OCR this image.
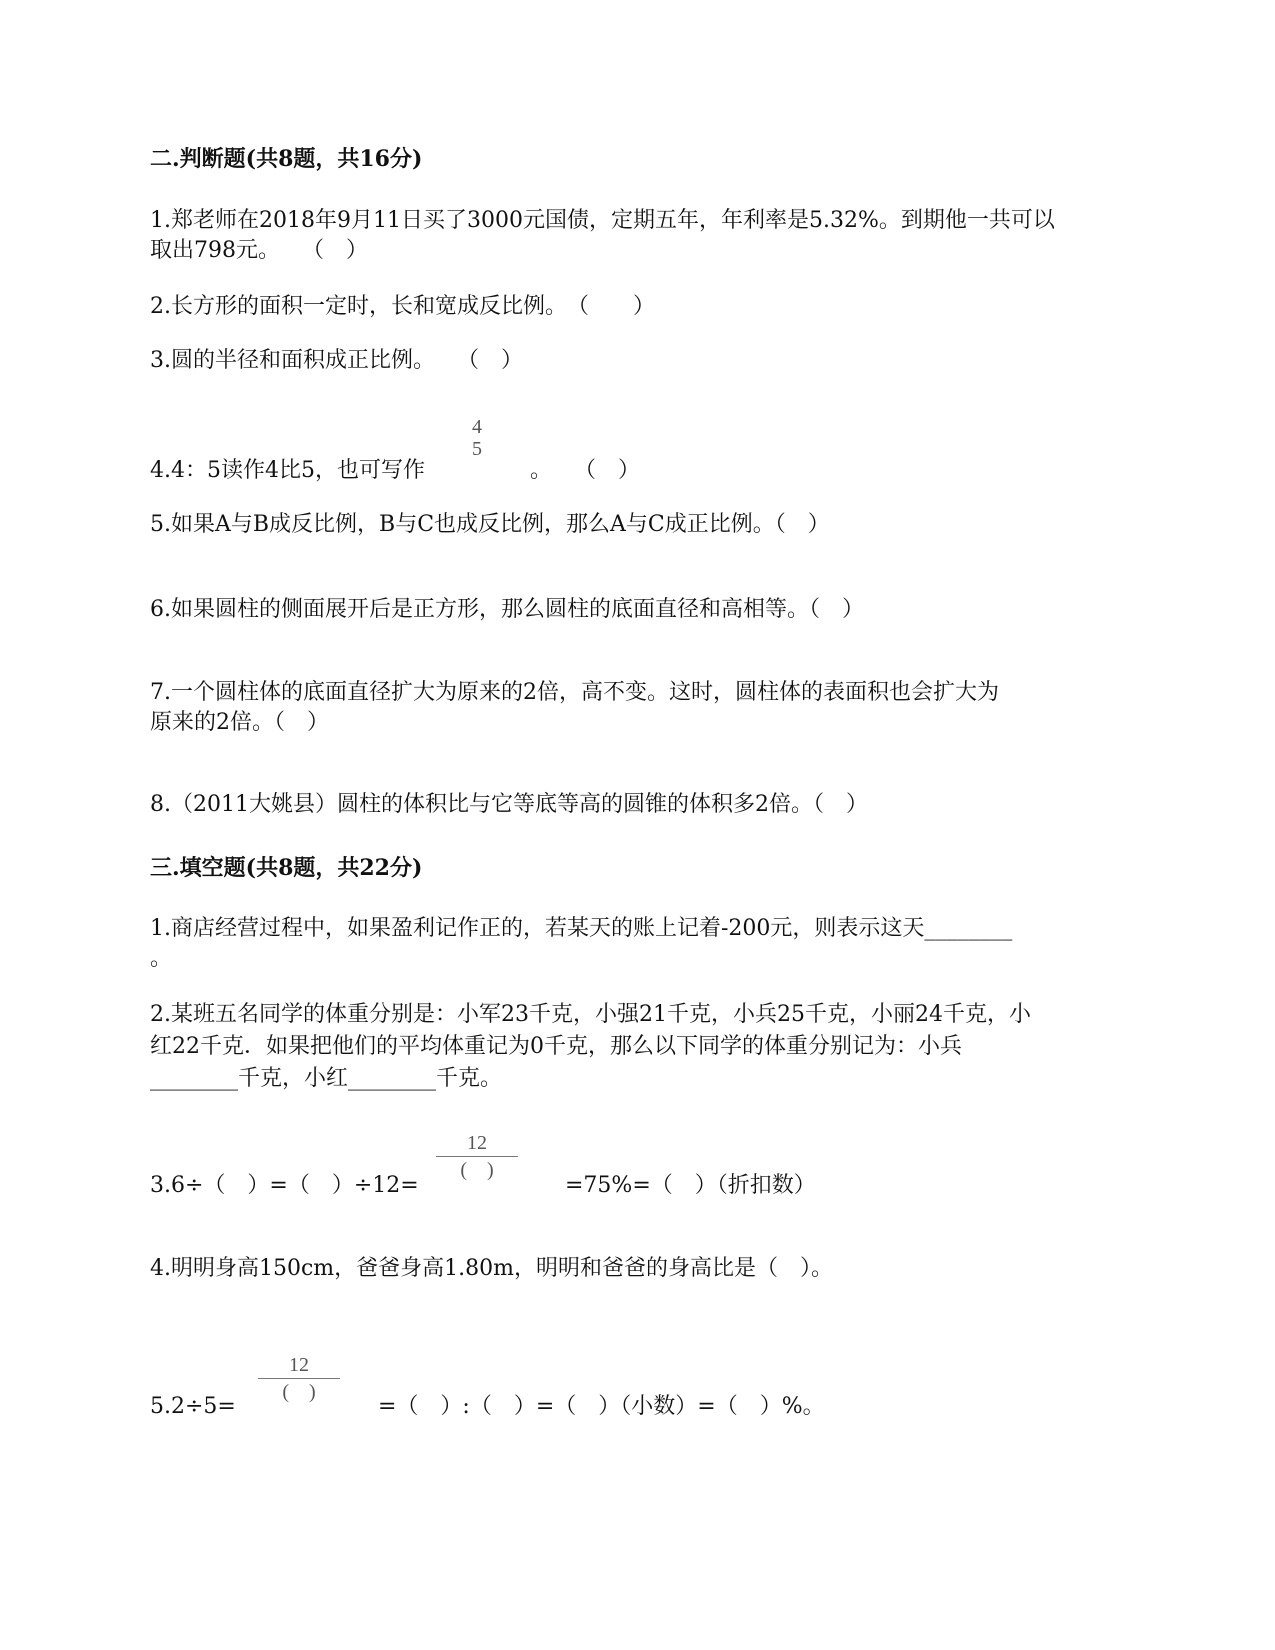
二.判断题(共8题，共16分)
1.郑老师在2018年9月11日买了3000元国债，定期五年，年利率是5.32%。到期他一共可以
取出798元。　　（　）
2.长方形的面积一定时，长和宽成反比例。　（　　）
3.圆的半径和面积成正比例。　　（　）
4.4：5读作4比5，也可写作
4
5
。　　（　）
5.如果A与B成反比例，B与C也成反比例，那么A与C成正比例。（　）
6.如果圆柱的侧面展开后是正方形，那么圆柱的底面直径和高相等。（　）
7.一个圆柱体的底面直径扩大为原来的2倍，高不变。这时，圆柱体的表面积也会扩大为
原来的2倍。（　）
8.（2011大姚县）圆柱的体积比与它等底等高的圆锥的体积多2倍。（　）
三.填空题(共8题，共22分)
1.商店经营过程中，如果盈利记作正的，若某天的账上记着-200元，则表示这天________
。
2.某班五名同学的体重分别是：小军23千克，小强21千克，小兵25千克，小丽24千克，小
红22千克．如果把他们的平均体重记为0千克，那么以下同学的体重分别记为：小兵
________千克，小红________千克。
3.6÷（　）=（　）÷12=
12
(　)
=75%=（　）（折扣数）
4.明明身高150cm，爸爸身高1.80m，明明和爸爸的身高比是（　）。
5.2÷5=
12
(　)
=（　）:（　）=（　）（小数）=（　）%。
